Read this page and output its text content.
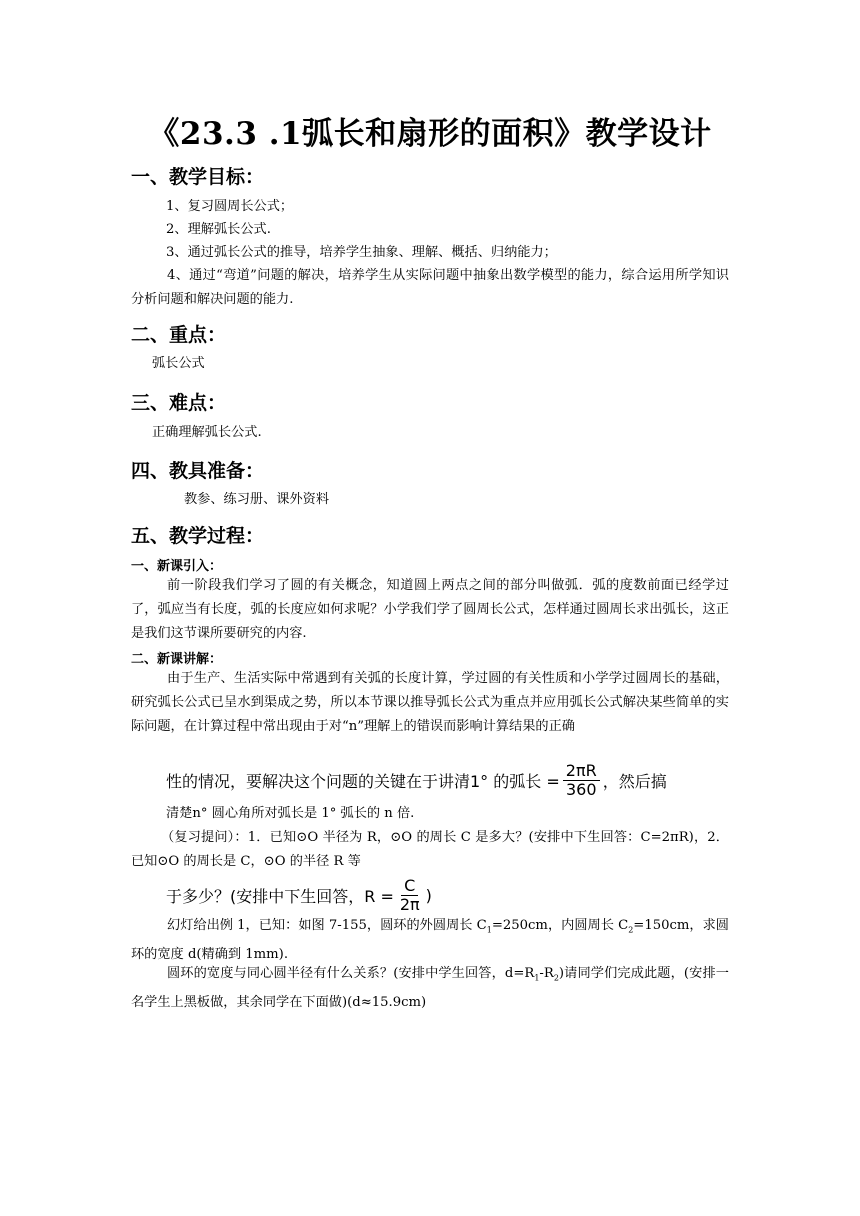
《23.3 .1弧长和扇形的面积》教学设计
一、教学目标：
1、复习圆周长公式；
2、理解弧长公式.
3、通过弧长公式的推导，培养学生抽象、理解、概括、归纳能力；
4、通过“弯道”问题的解决，培养学生从实际问题中抽象出数学模型的能力，综合运用所学知识分析问题和解决问题的能力.
二、重点：
弧长公式
三、难点：
正确理解弧长公式.
四、教具准备：
教参、练习册、课外资料
五、教学过程：
一、新课引入：
前一阶段我们学习了圆的有关概念，知道圆上两点之间的部分叫做弧．弧的度数前面已经学过了，弧应当有长度，弧的长度应如何求呢？小学我们学了圆周长公式，怎样通过圆周长求出弧长，这正是我们这节课所要研究的内容.
二、新课讲解：
由于生产、生活实际中常遇到有关弧的长度计算，学过圆的有关性质和小学学过圆周长的基础，研究弧长公式已呈水到渠成之势，所以本节课以推导弧长公式为重点并应用弧长公式解决某些简单的实际问题，在计算过程中常出现由于对“n”理解上的错误而影响计算结果的正确
性的情况，要解决这个问题的关键在于讲清1° 的弧长 = $\frac{2\pi R}{360}$ ，然后搞
清楚n° 圆心角所对弧长是 1° 弧长的 n 倍.
（复习提问）：1．已知⊙O 半径为 R，⊙O 的周长 C 是多大？(安排中下生回答：C=2πR)，2．已知⊙O 的周长是 C，⊙O 的半径 R 等
于多少？(安排中下生回答，$R = \frac{C}{2\pi}$ )
幻灯给出例 1，已知：如图 7-155，圆环的外圆周长 $C_1=250cm$，内圆周长 $C_2=150cm$，求圆环的宽度 d(精确到 1mm).
圆环的宽度与同心圆半径有什么关系？(安排中学生回答，$d=R_1-R_2$)请同学们完成此题，(安排一名学生上黑板做，其余同学在下面做)(d≈15.9cm)
